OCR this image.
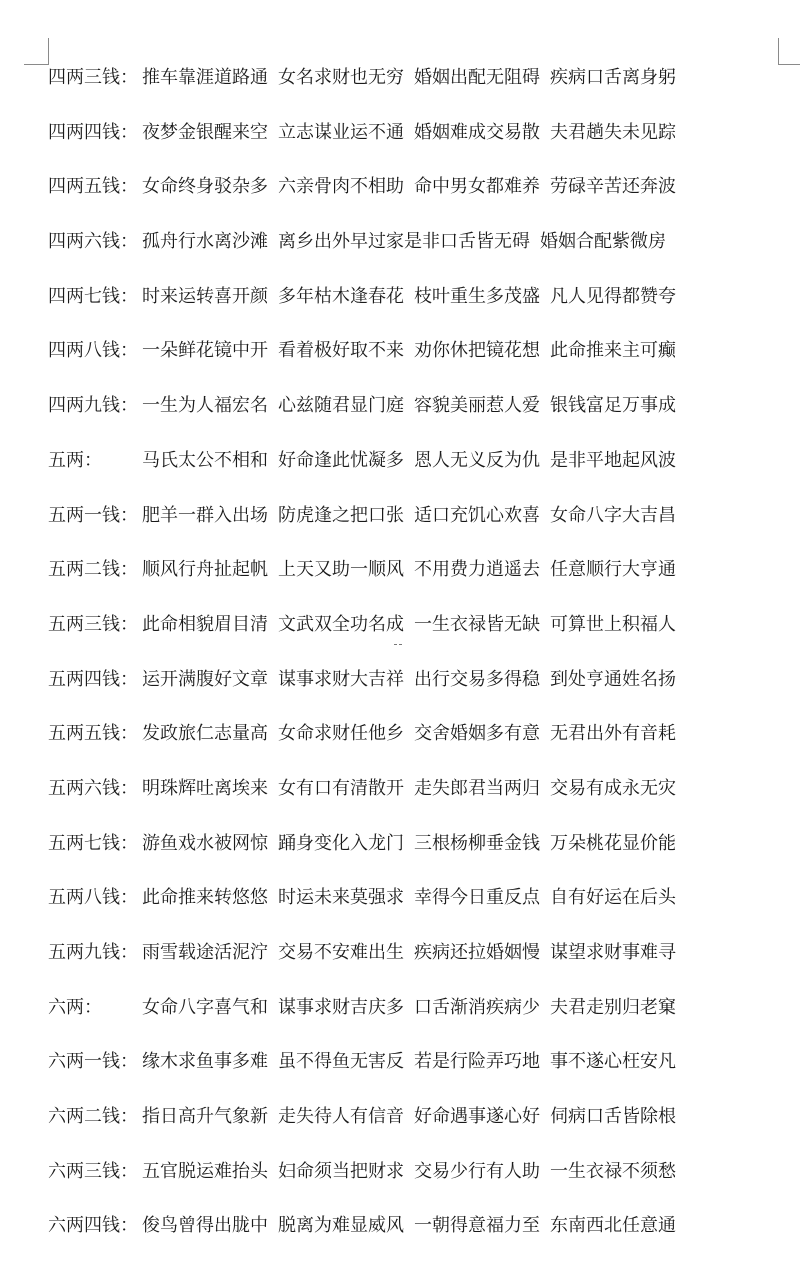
四两三钱： 推车靠涯道路通 女名求财也无穷 婚姻出配无阻碍 疾病口舌离身躬
四两四钱： 夜梦金银醒来空 立志谋业运不通 婚姻难成交易散 夫君趟失未见踪
四两五钱： 女命终身驳杂多 六亲骨肉不相助 命中男女都难养 劳碌辛苦还奔波
四两六钱： 孤舟行水离沙滩 离乡出外早过家是非口舌皆无碍 婚姻合配紫微房
四两七钱： 时来运转喜开颜 多年枯木逢春花 枝叶重生多茂盛 凡人见得都赞夸
四两八钱： 一朵鲜花镜中开 看着极好取不来 劝你休把镜花想 此命推来主可癫
四两九钱： 一生为人福宏名 心兹随君显门庭 容貌美丽惹人爱 银钱富足万事成
五两：	马氏太公不相和 好命逢此忧凝多 恩人无义反为仇 是非平地起风波
五两一钱： 肥羊一群入出场 防虎逢之把口张 适口充饥心欢喜 女命八字大吉昌
五两二钱： 顺风行舟扯起帆 上天又助一顺风 不用费力逍遥去 任意顺行大亨通
五两三钱： 此命相貌眉目清 文武双全功名成 一生衣禄皆无缺 可算世上积福人
五两四钱： 运开满腹好文章 谋事求财大吉祥 出行交易多得稳 到处亨通姓名扬
五两五钱： 发政旅仁志量高 女命求财任他乡 交舍婚姻多有意 无君出外有音耗
五两六钱： 明珠辉吐离埃来 女有口有清散开 走失郎君当两归 交易有成永无灾
五两七钱： 游鱼戏水被网惊 踊身变化入龙门 三根杨柳垂金钱 万朵桃花显价能
五两八钱： 此命推来转悠悠 时运未来莫强求 幸得今日重反点 自有好运在后头
五两九钱： 雨雪载途活泥泞 交易不安难出生 疾病还拉婚姻慢 谋望求财事难寻
六两：	女命八字喜气和 谋事求财吉庆多 口舌渐消疾病少 夫君走别归老窠
六两一钱： 缘木求鱼事多难 虽不得鱼无害反 若是行险弄巧地 事不遂心枉安凡
六两二钱： 指日高升气象新 走失待人有信音 好命遇事遂心好 伺病口舌皆除根
六两三钱： 五官脱运难抬头 妇命须当把财求 交易少行有人助 一生衣禄不须愁
六两四钱： 俊鸟曾得出胧中 脱离为难显威风 一朝得意福力至 东南西北任意通
